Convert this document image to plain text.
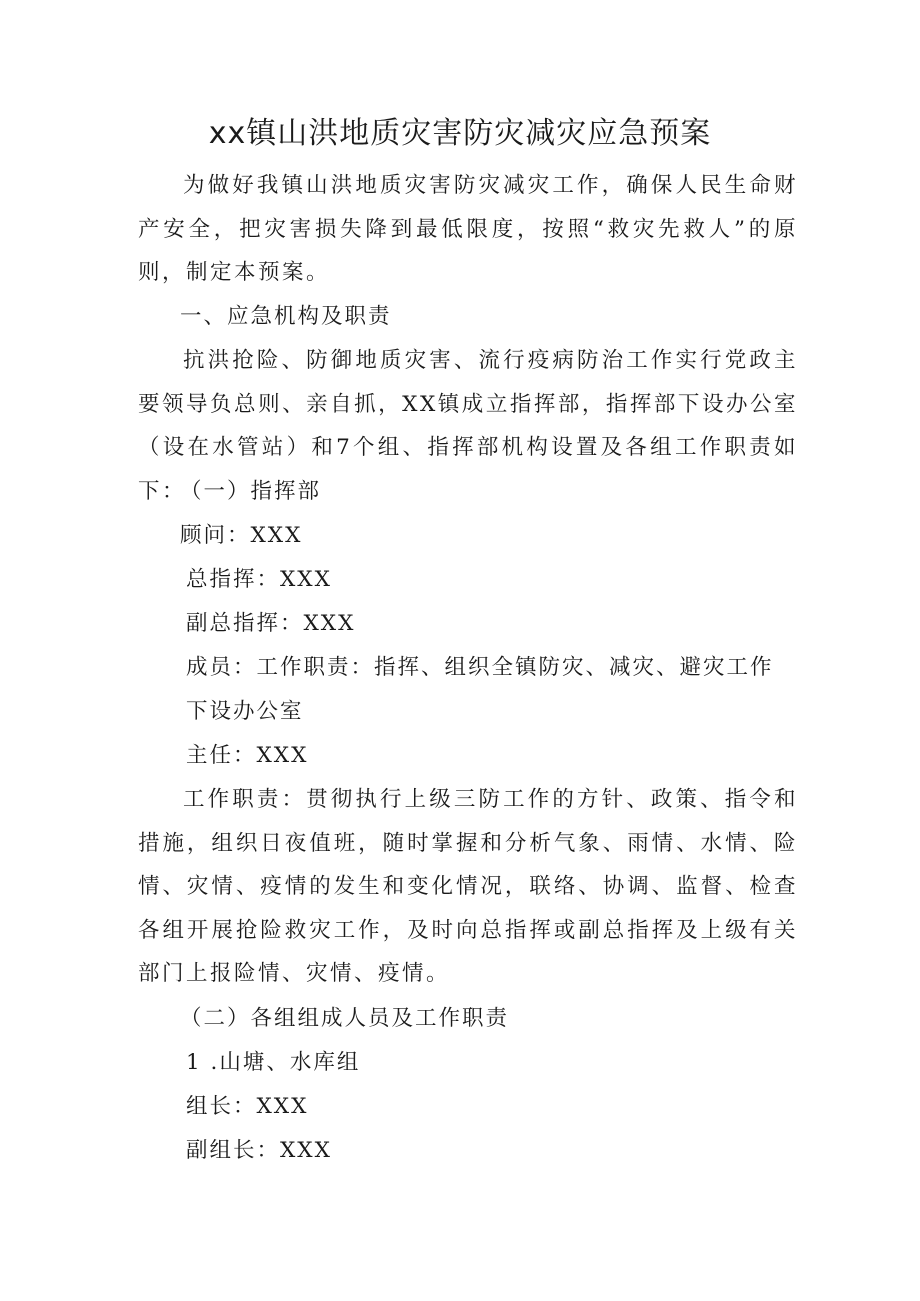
xx镇山洪地质灾害防灾减灾应急预案

为做好我镇山洪地质灾害防灾减灾工作，确保人民生命财产安全，把灾害损失降到最低限度，按照“救灾先救人”的原则，制定本预案。

一、应急机构及职责

抗洪抢险、防御地质灾害、流行疫病防治工作实行党政主要领导负总则、亲自抓，XX镇成立指挥部，指挥部下设办公室（设在水管站）和7个组、指挥部机构设置及各组工作职责如下：

（一）指挥部

顾问：XXX

总指挥：XXX

副总指挥：XXX

成员：工作职责：指挥、组织全镇防灾、减灾、避灾工作

下设办公室

主任：XXX

工作职责：贯彻执行上级三防工作的方针、政策、指令和措施，组织日夜值班，随时掌握和分析气象、雨情、水情、险情、灾情、疫情的发生和变化情况，联络、协调、监督、检查各组开展抢险救灾工作，及时向总指挥或副总指挥及上级有关部门上报险情、灾情、疫情。

（二）各组组成人员及工作职责

1 .山塘、水库组

组长：XXX

副组长：XXX
